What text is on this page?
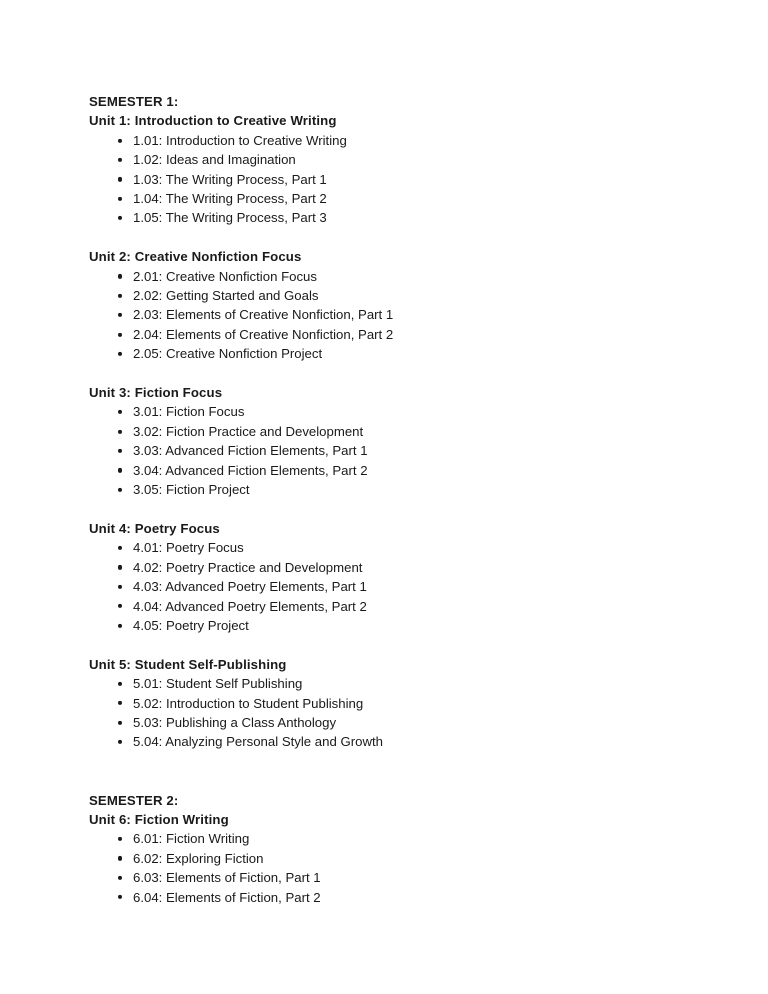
SEMESTER 1:
Unit 1: Introduction to Creative Writing
1.01: Introduction to Creative Writing
1.02: Ideas and Imagination
1.03: The Writing Process, Part 1
1.04: The Writing Process, Part 2
1.05: The Writing Process, Part 3
Unit 2: Creative Nonfiction Focus
2.01: Creative Nonfiction Focus
2.02: Getting Started and Goals
2.03: Elements of Creative Nonfiction, Part 1
2.04: Elements of Creative Nonfiction, Part 2
2.05: Creative Nonfiction Project
Unit 3: Fiction Focus
3.01: Fiction Focus
3.02: Fiction Practice and Development
3.03: Advanced Fiction Elements, Part 1
3.04: Advanced Fiction Elements, Part 2
3.05: Fiction Project
Unit 4: Poetry Focus
4.01: Poetry Focus
4.02: Poetry Practice and Development
4.03: Advanced Poetry Elements, Part 1
4.04: Advanced Poetry Elements, Part 2
4.05: Poetry Project
Unit 5: Student Self-Publishing
5.01: Student Self Publishing
5.02: Introduction to Student Publishing
5.03: Publishing a Class Anthology
5.04: Analyzing Personal Style and Growth
SEMESTER 2:
Unit 6: Fiction Writing
6.01: Fiction Writing
6.02: Exploring Fiction
6.03: Elements of Fiction, Part 1
6.04: Elements of Fiction, Part 2
